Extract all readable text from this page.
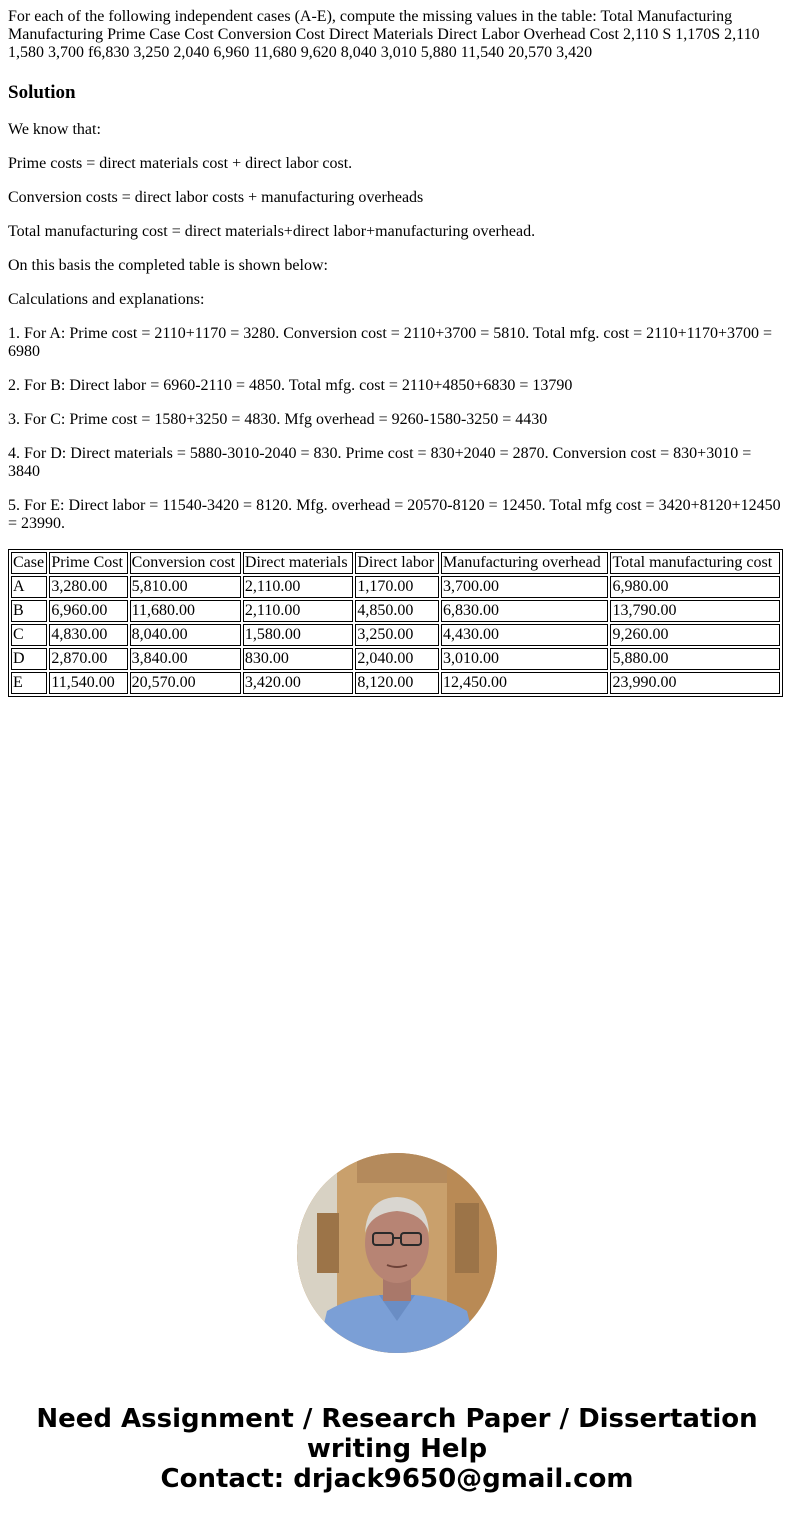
For each of the following independent cases (A-E), compute the missing values in the table: Total Manufacturing Manufacturing Prime Case Cost Conversion Cost Direct Materials Direct Labor Overhead Cost 2,110 S 1,170S 2,110 1,580 3,700 f6,830 3,250 2,040 6,960 11,680 9,620 8,040 3,010 5,880 11,540 20,570 3,420
Solution

We know that:

Prime costs = direct materials cost + direct labor cost.

Conversion costs = direct labor costs + manufacturing overheads

Total manufacturing cost = direct materials+direct labor+manufacturing overhead.

On this basis the completed table is shown below:

Calculations and explanations:

1. For A: Prime cost = 2110+1170 = 3280. Conversion cost = 2110+3700 = 5810. Total mfg. cost = 2110+1170+3700 = 6980

2. For B: Direct labor = 6960-2110 = 4850. Total mfg. cost = 2110+4850+6830 = 13790

3. For C: Prime cost = 1580+3250 = 4830. Mfg overhead = 9260-1580-3250 = 4430

4. For D: Direct materials = 5880-3010-2040 = 830. Prime cost = 830+2040 = 2870. Conversion cost = 830+3010 = 3840

5. For E: Direct labor = 11540-3420 = 8120. Mfg. overhead = 20570-8120 = 12450. Total mfg cost = 3420+8120+12450 = 23990.

Case	Prime Cost	Conversion cost	Direct materials	Direct labor	Manufacturing overhead	Total manufacturing cost
A	3,280.00	5,810.00	2,110.00	1,170.00	3,700.00	6,980.00
B	6,960.00	11,680.00	2,110.00	4,850.00	6,830.00	13,790.00
C	4,830.00	8,040.00	1,580.00	3,250.00	4,430.00	9,260.00
D	2,870.00	3,840.00	830.00	2,040.00	3,010.00	5,880.00
E	11,540.00	20,570.00	3,420.00	8,120.00	12,450.00	23,990.00
Need Assignment / Research Paper / Dissertation
writing Help
Contact: drjack9650@gmail.com
